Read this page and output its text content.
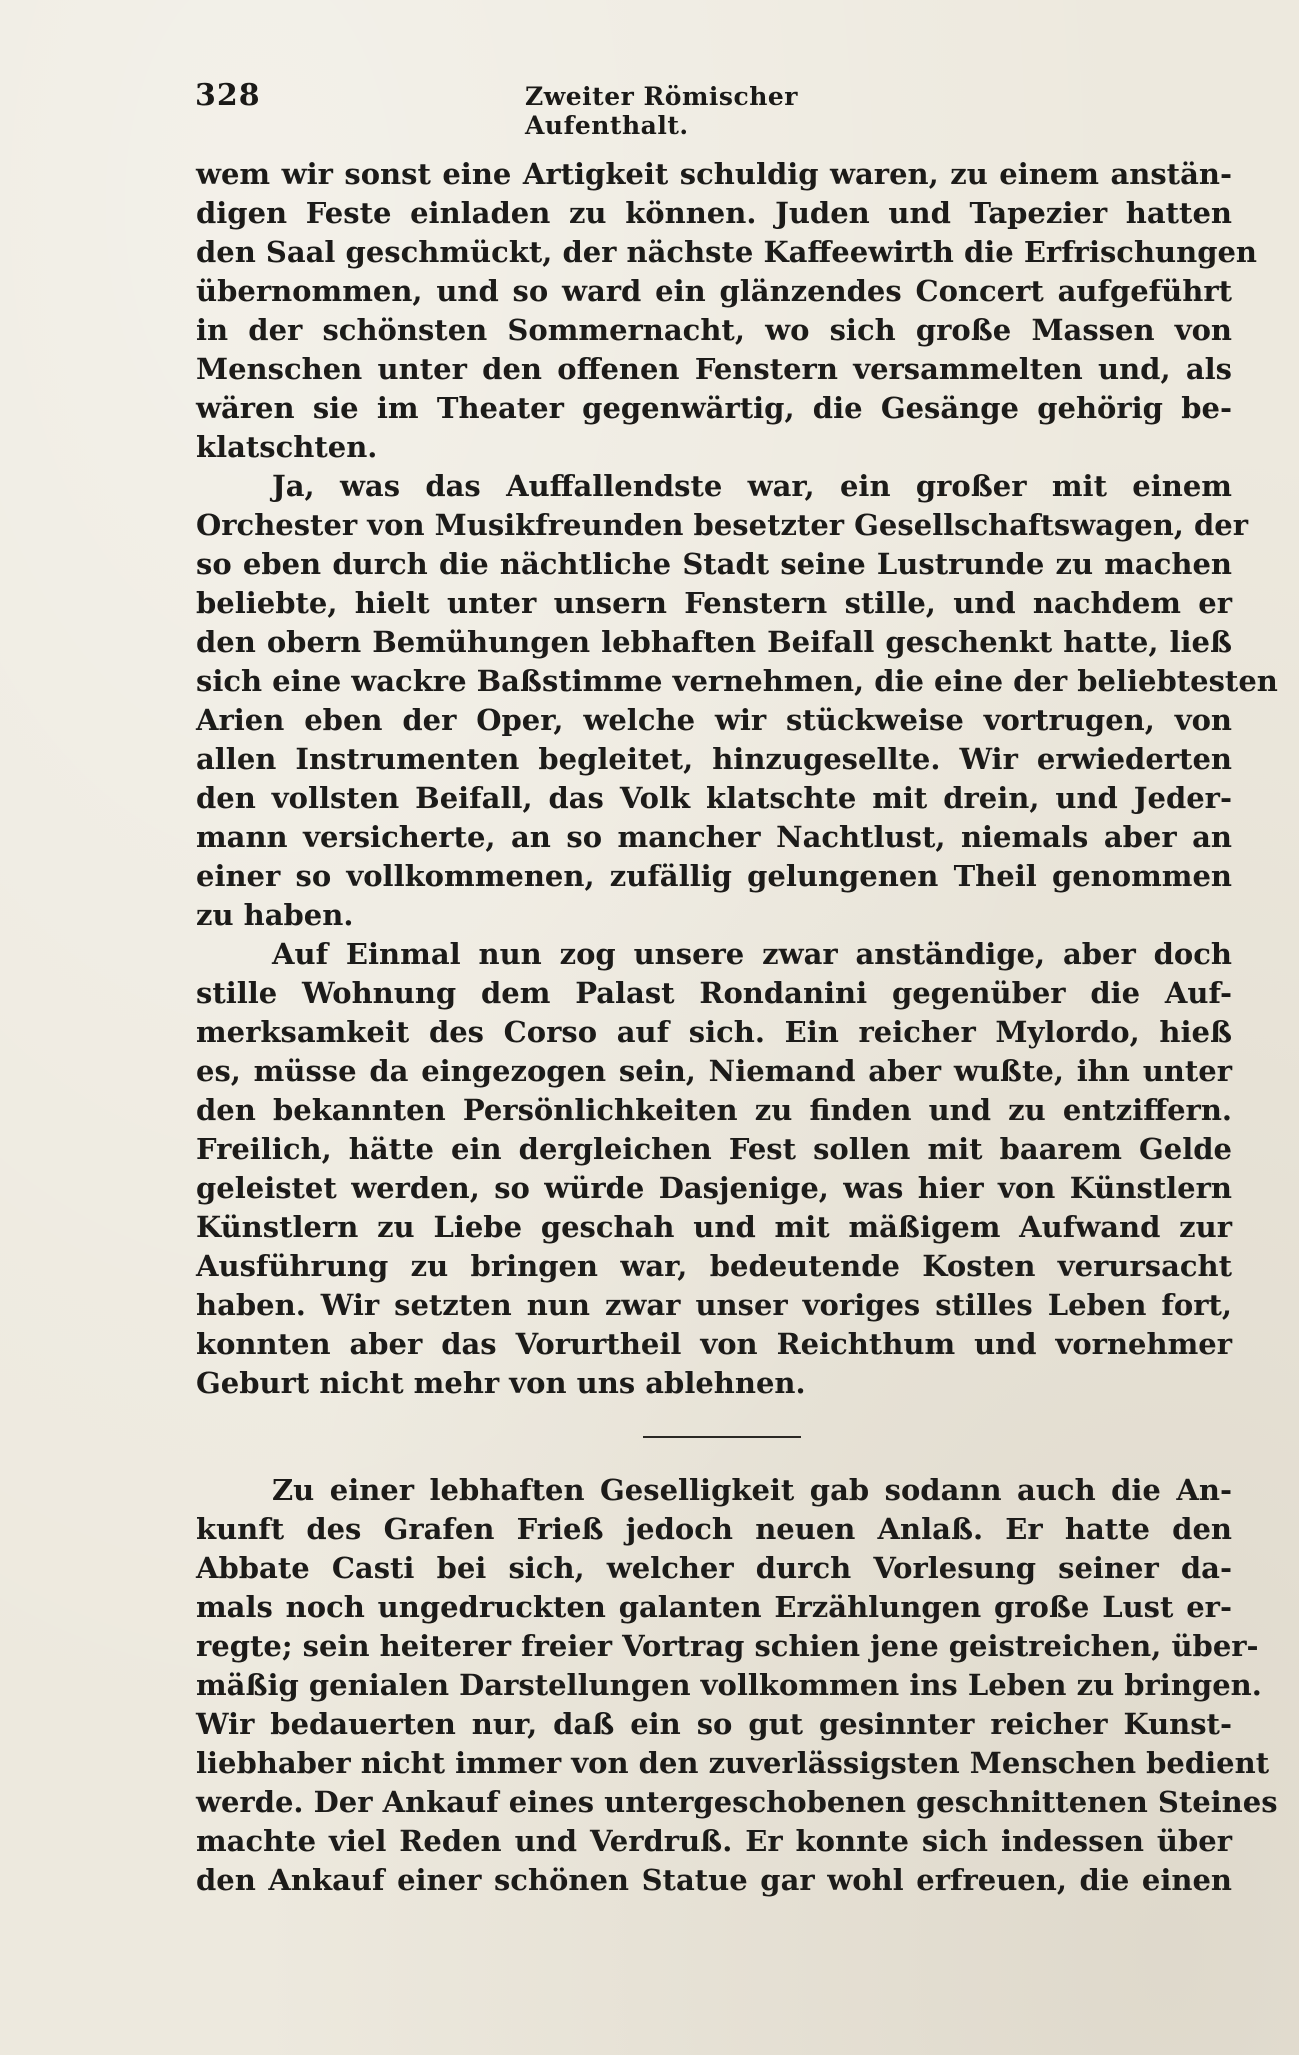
328	Zweiter Römischer Aufenthalt.
wem wir sonst eine Artigkeit schuldig waren, zu einem anstän-
digen Feste einladen zu können. Juden und Tapezier hatten
den Saal geschmückt, der nächste Kaffeewirth die Erfrischungen
übernommen, und so ward ein glänzendes Concert aufgeführt
in der schönsten Sommernacht, wo sich große Massen von
Menschen unter den offenen Fenstern versammelten und, als
wären sie im Theater gegenwärtig, die Gesänge gehörig be-
klatschten.
Ja, was das Auffallendste war, ein großer mit einem
Orchester von Musikfreunden besetzter Gesellschaftswagen, der
so eben durch die nächtliche Stadt seine Lustrunde zu machen
beliebte, hielt unter unsern Fenstern stille, und nachdem er
den obern Bemühungen lebhaften Beifall geschenkt hatte, ließ
sich eine wackre Baßstimme vernehmen, die eine der beliebtesten
Arien eben der Oper, welche wir stückweise vortrugen, von
allen Instrumenten begleitet, hinzugesellte. Wir erwiederten
den vollsten Beifall, das Volk klatschte mit drein, und Jeder-
mann versicherte, an so mancher Nachtlust, niemals aber an
einer so vollkommenen, zufällig gelungenen Theil genommen
zu haben.
Auf Einmal nun zog unsere zwar anständige, aber doch
stille Wohnung dem Palast Rondanini gegenüber die Auf-
merksamkeit des Corso auf sich. Ein reicher Mylordo, hieß
es, müsse da eingezogen sein, Niemand aber wußte, ihn unter
den bekannten Persönlichkeiten zu finden und zu entziffern.
Freilich, hätte ein dergleichen Fest sollen mit baarem Gelde
geleistet werden, so würde Dasjenige, was hier von Künstlern
Künstlern zu Liebe geschah und mit mäßigem Aufwand zur
Ausführung zu bringen war, bedeutende Kosten verursacht
haben. Wir setzten nun zwar unser voriges stilles Leben fort,
konnten aber das Vorurtheil von Reichthum und vornehmer
Geburt nicht mehr von uns ablehnen.
Zu einer lebhaften Geselligkeit gab sodann auch die An-
kunft des Grafen Frieß jedoch neuen Anlaß. Er hatte den
Abbate Casti bei sich, welcher durch Vorlesung seiner da-
mals noch ungedruckten galanten Erzählungen große Lust er-
regte; sein heiterer freier Vortrag schien jene geistreichen, über-
mäßig genialen Darstellungen vollkommen ins Leben zu bringen.
Wir bedauerten nur, daß ein so gut gesinnter reicher Kunst-
liebhaber nicht immer von den zuverlässigsten Menschen bedient
werde. Der Ankauf eines untergeschobenen geschnittenen Steines
machte viel Reden und Verdruß. Er konnte sich indessen über
den Ankauf einer schönen Statue gar wohl erfreuen, die einen
